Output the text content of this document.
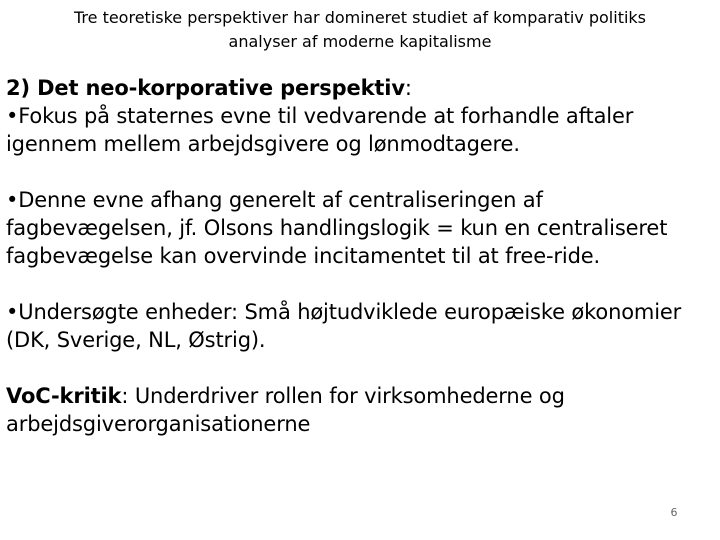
Tre teoretiske perspektiver har domineret studiet af komparativ politiks
analyser af moderne kapitalisme

2) Det neo-korporative perspektiv:

•Fokus på staternes evne til vedvarende at forhandle aftaler igennem mellem arbejdsgivere og lønmodtagere.

•Denne evne afhang generelt af centraliseringen af fagbevægelsen, jf. Olsons handlingslogik = kun en centraliseret fagbevægelse kan overvinde incitamentet til at free-ride.

•Undersøgte enheder: Små højtudviklede europæiske økonomier (DK, Sverige, NL, Østrig).

VoC-kritik: Underdriver rollen for virksomhederne og arbejdsgiverorganisationerne

6
